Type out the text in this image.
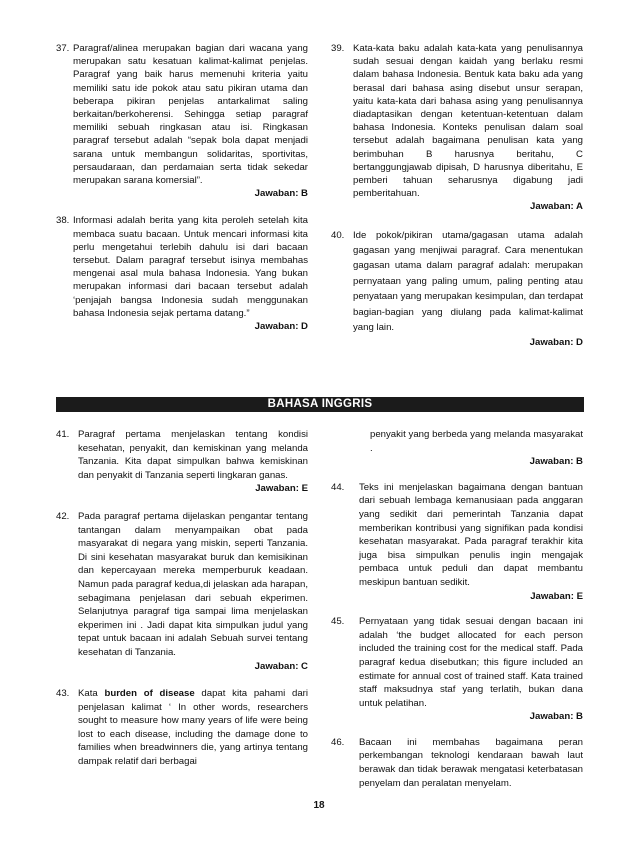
37. Paragraf/alinea merupakan bagian dari wacana yang merupakan satu kesatuan kalimat-kalimat penjelas. Paragraf yang baik harus memenuhi kriteria yaitu memiliki satu ide pokok atau satu pikiran utama dan beberapa pikiran penjelas antarkalimat saling berkaitan/berkoherensi. Sehingga setiap paragraf memiliki sebuah ringkasan atau isi. Ringkasan paragraf tersebut adalah “sepak bola dapat menjadi sarana untuk membangun solidaritas, sportivitas, persaudaraan, dan perdamaian serta tidak sekedar merupakan sarana komersial”.
Jawaban: B
38. Informasi adalah berita yang kita peroleh setelah kita membaca suatu bacaan. Untuk mencari informasi kita perlu mengetahui terlebih dahulu isi dari bacaan tersebut. Dalam paragraf tersebut isinya membahas mengenai asal mula bahasa Indonesia. Yang bukan merupakan informasi dari bacaan tersebut adalah ‘penjajah bangsa Indonesia sudah menggunakan bahasa Indonesia sejak pertama datang.”
Jawaban: D
39. Kata-kata baku adalah kata-kata yang penulisannya sudah sesuai dengan kaidah yang berlaku resmi dalam bahasa Indonesia. Bentuk kata baku ada yang berasal dari bahasa asing disebut unsur serapan, yaitu kata-kata dari bahasa asing yang penulisannya diadaptasikan dengan ketentuan-ketentuan dalam bahasa Indonesia. Konteks penulisan dalam soal tersebut adalah bagaimana penulisan kata yang berimbuhan B harusnya beritahu, C bertanggungjawab dipisah, D harusnya diberitahu, E pemberi tahuan seharusnya digabung jadi pemberitahuan.
Jawaban: A
40. Ide pokok/pikiran utama/gagasan utama adalah gagasan yang menjiwai paragraf. Cara menentukan gagasan utama dalam paragraf adalah: merupakan pernyataan yang paling umum, paling penting atau penyataan yang merupakan kesimpulan, dan terdapat bagian-bagian yang diulang pada kalimat-kalimat yang lain.
Jawaban: D
BAHASA INGGRIS
41. Paragraf pertama menjelaskan tentang kondisi kesehatan, penyakit, dan kemiskinan yang melanda Tanzania. Kita dapat simpulkan bahwa kemiskinan dan penyakit di Tanzania seperti lingkaran ganas.
Jawaban: E
42. Pada paragraf pertama dijelaskan pengantar tentang tantangan dalam menyampaikan obat pada masyarakat di negara yang miskin, seperti Tanzania. Di sini kesehatan masyarakat buruk dan kemisikinan dan kepercayaan mereka memperburuk keadaan. Namun pada paragraf kedua,di jelaskan ada harapan, sebagimana penjelasan dari sebuah ekperimen. Selanjutnya paragraf tiga sampai lima menjelaskan ekperimen ini . Jadi dapat kita simpulkan judul yang tepat untuk bacaan ini adalah Sebuah survei tentang kesehatan di Tanzania.
Jawaban: C
43. Kata burden of disease dapat kita pahami dari penjelasan kalimat ‘ In other words, researchers sought to measure how many years of life were being lost to each disease, including the damage done to families when breadwinners die, yang artinya tentang dampak relatif dari berbagai
penyakit yang berbeda yang melanda masyarakat .
Jawaban: B
44.	Teks ini menjelaskan bagaimana dengan bantuan dari sebuah lembaga kemanusiaan pada anggaran yang sedikit dari pemerintah Tanzania dapat memberikan kontribusi yang signifikan pada kondisi kesehatan masyarakat. Pada paragraf terakhir kita juga bisa simpulkan penulis ingin mengajak pembaca untuk peduli dan dapat membantu meskipun bantuan sedikit.
Jawaban: E
45.	Pernyataan yang tidak sesuai dengan bacaan ini adalah ‘the budget allocated for each person included the training cost for the medical staff. Pada paragraf kedua disebutkan; this figure included an estimate for annual cost of trained staff. Kata trained staff maksudnya staf yang terlatih, bukan dana untuk pelatihan.
Jawaban: B
46.	Bacaan ini membahas bagaimana peran perkembangan teknologi kendaraan bawah laut berawak dan tidak berawak mengatasi keterbatasan penyelam dan peralatan menyelam.
18
